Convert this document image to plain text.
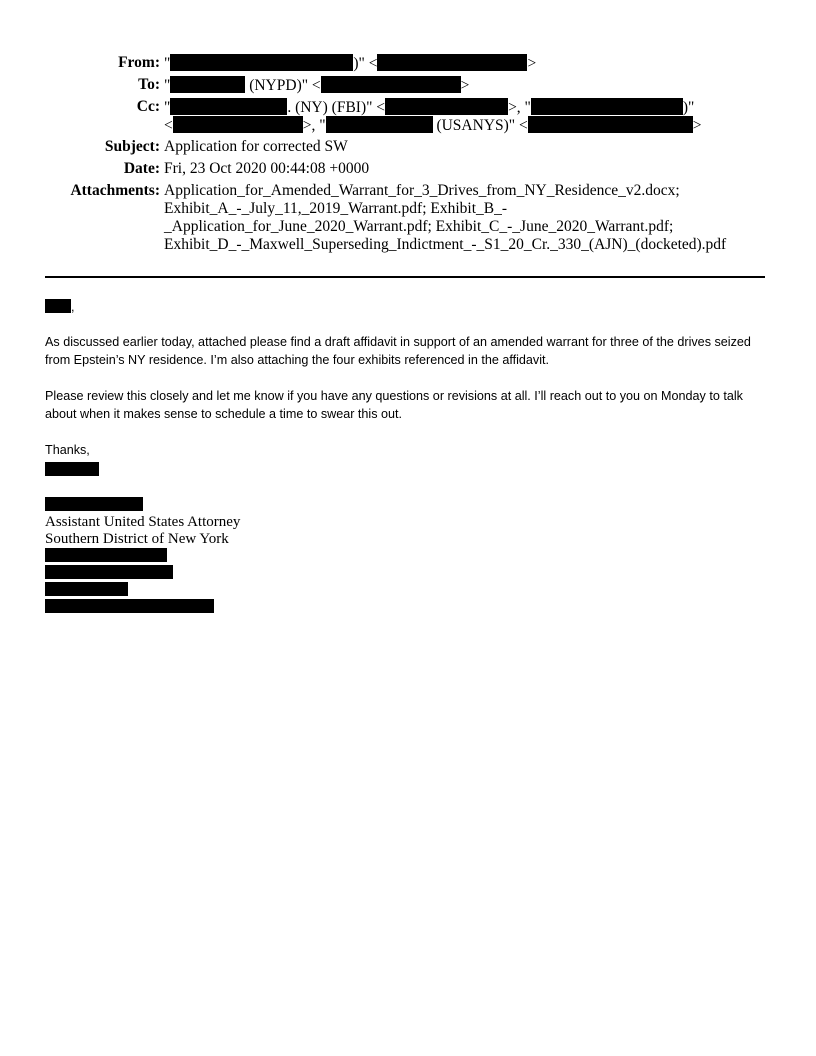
From: "	)" <	>
To: "	(NYPD)" <	>
Cc: "	. (NY) (FBI)" <	>, "	)"
<	>, "	(USANYS)" <	>
Subject: Application for corrected SW
Date: Fri, 23 Oct 2020 00:44:08 +0000
Attachments: Application_for_Amended_Warrant_for_3_Drives_from_NY_Residence_v2.docx;
Exhibit_A_-_July_11,_2019_Warrant.pdf; Exhibit_B_-
_Application_for_June_2020_Warrant.pdf; Exhibit_C_-_June_2020_Warrant.pdf;
Exhibit_D_-_Maxwell_Superseding_Indictment_-_S1_20_Cr._330_(AJN)_(docketed).pdf
,
As discussed earlier today, attached please find a draft affidavit in support of an amended warrant for three of the drives seized from Epstein’s NY residence. I’m also attaching the four exhibits referenced in the affidavit.
Please review this closely and let me know if you have any questions or revisions at all. I’ll reach out to you on Monday to talk about when it makes sense to schedule a time to swear this out.
Thanks,
Assistant United States Attorney
Southern District of New York
